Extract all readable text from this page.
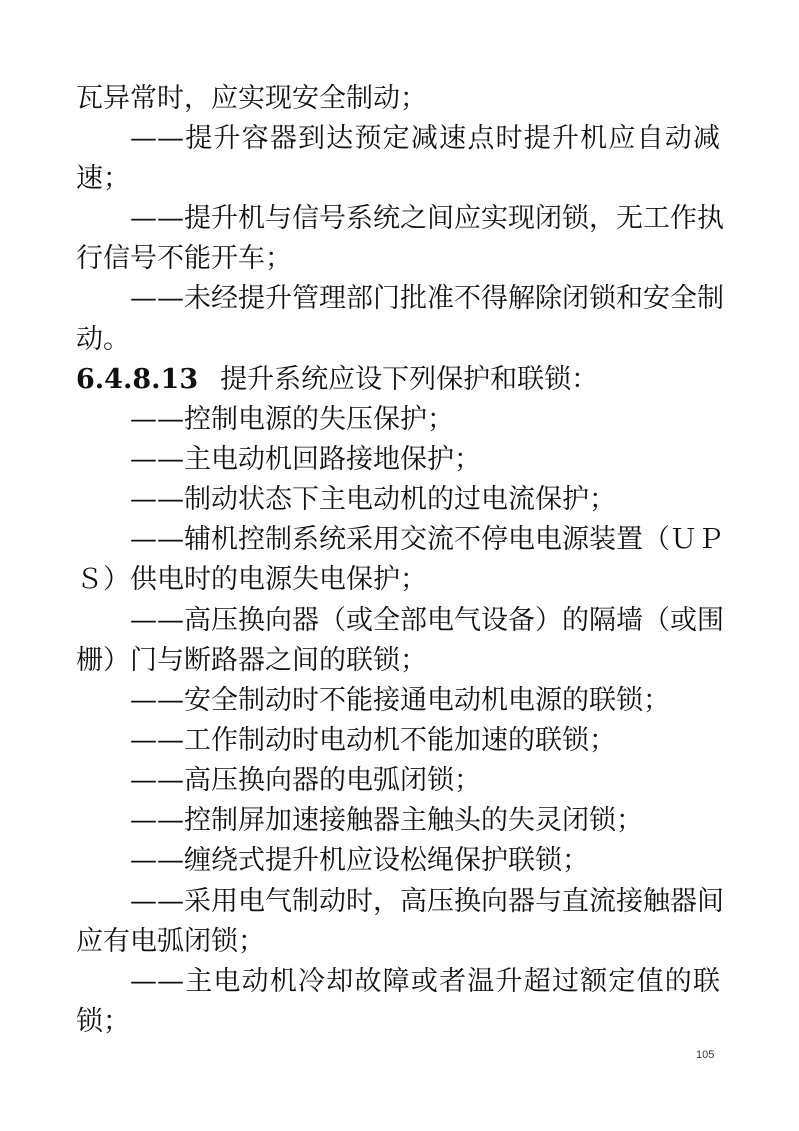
瓦异常时，应实现安全制动；
——提升容器到达预定减速点时提升机应自动减
速；
——提升机与信号系统之间应实现闭锁，无工作执
行信号不能开车；
——未经提升管理部门批准不得解除闭锁和安全制
动。
6.4.8.13 提升系统应设下列保护和联锁：
——控制电源的失压保护；
——主电动机回路接地保护；
——制动状态下主电动机的过电流保护；
——辅机控制系统采用交流不停电电源装置（ＵＰ
Ｓ）供电时的电源失电保护；
——高压换向器（或全部电气设备）的隔墙（或围
栅）门与断路器之间的联锁；
——安全制动时不能接通电动机电源的联锁；
——工作制动时电动机不能加速的联锁；
——高压换向器的电弧闭锁；
——控制屏加速接触器主触头的失灵闭锁；
——缠绕式提升机应设松绳保护联锁；
——采用电气制动时，高压换向器与直流接触器间
应有电弧闭锁；
——主电动机冷却故障或者温升超过额定值的联
锁；
105
